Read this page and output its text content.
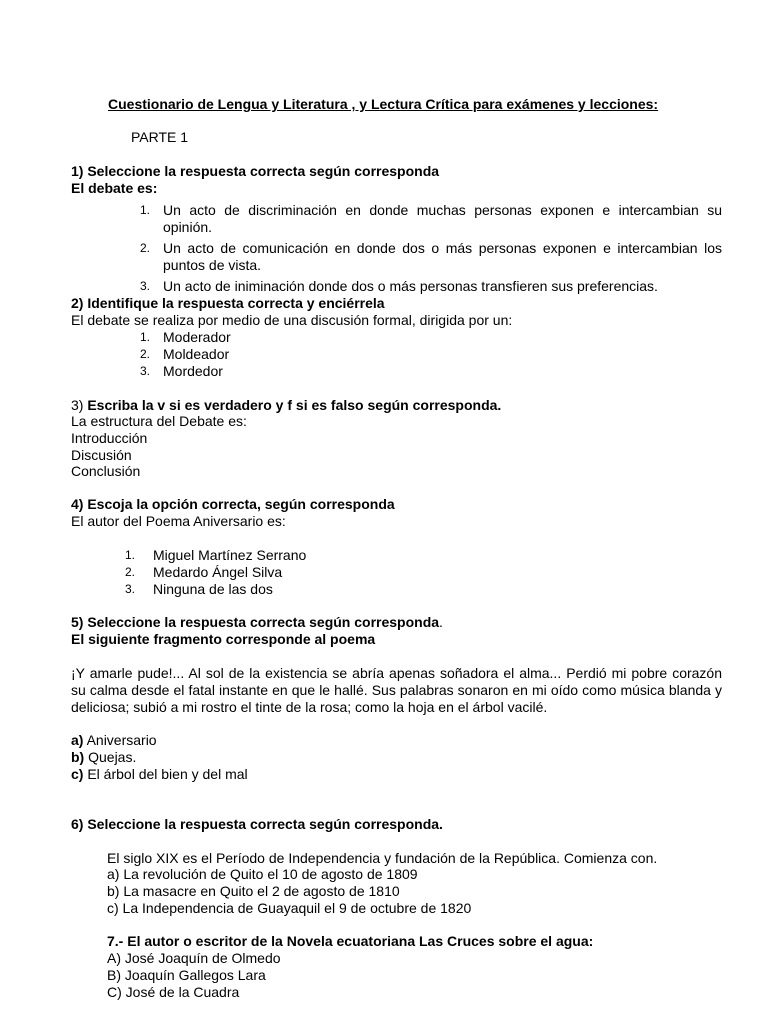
Cuestionario de Lengua y Literatura , y Lectura Crítica para exámenes y lecciones:
PARTE 1
1) Seleccione la respuesta correcta según corresponda
El debate es:
1. Un acto de discriminación en donde muchas personas exponen e intercambian su opinión.
2. Un acto de comunicación en donde dos o más personas exponen e intercambian los puntos de vista.
3. Un acto de iniminación donde dos o más personas transfieren sus preferencias.
2) Identifique la respuesta correcta y enciérrela
El debate se realiza por medio de una discusión formal, dirigida por un:
1. Moderador
2. Moldeador
3. Mordedor
3) Escriba la v si es verdadero y f si es falso según corresponda.
La estructura del Debate es:
Introducción
Discusión
Conclusión
4) Escoja la opción correcta, según corresponda
El autor del Poema Aniversario es:
1. Miguel Martínez Serrano
2. Medardo Ángel Silva
3. Ninguna de las dos
5) Seleccione la respuesta correcta según corresponda.
El siguiente fragmento corresponde al poema
¡Y amarle pude!... Al sol de la existencia se abría apenas soñadora el alma... Perdió mi pobre corazón su calma desde el fatal instante en que le hallé. Sus palabras sonaron en mi oído como música blanda y deliciosa; subió a mi rostro el tinte de la rosa; como la hoja en el árbol vacilé.
a) Aniversario
b) Quejas.
c) El árbol del bien y del mal
6) Seleccione la respuesta correcta según corresponda.
El siglo XIX es el Período de Independencia y fundación de la República. Comienza con.
a) La revolución de Quito el 10 de agosto de 1809
b) La masacre en Quito el 2 de agosto de 1810
c) La Independencia de Guayaquil el 9 de octubre de 1820
7.- El autor o escritor de la Novela ecuatoriana Las Cruces sobre el agua:
A) José Joaquín de Olmedo
B) Joaquín Gallegos Lara
C) José de la Cuadra
